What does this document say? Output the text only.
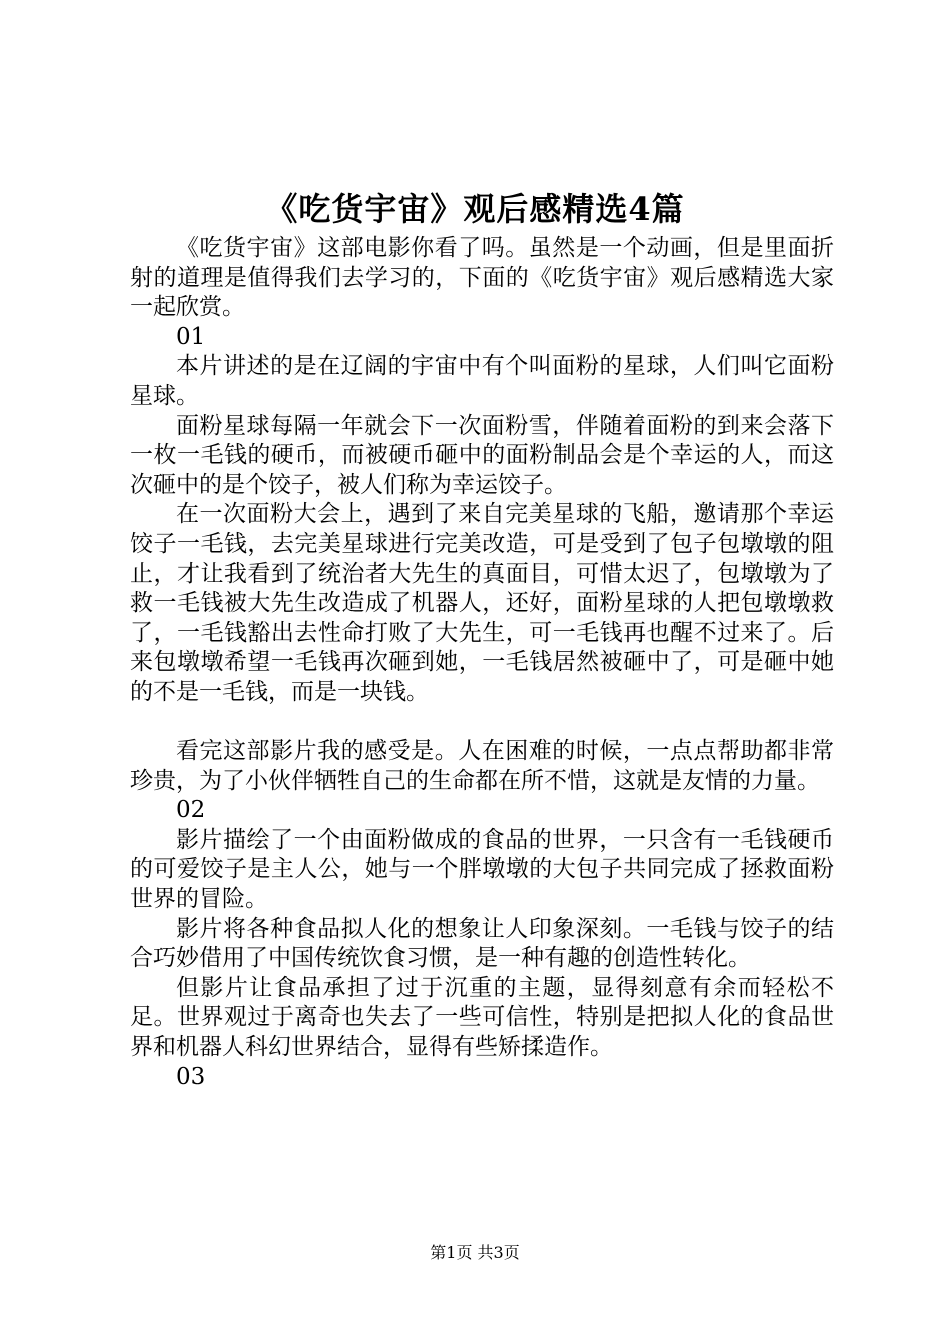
《吃货宇宙》观后感精选4篇

《吃货宇宙》这部电影你看了吗。虽然是一个动画，但是里面折射的道理是值得我们去学习的，下面的《吃货宇宙》观后感精选大家一起欣赏。

01

本片讲述的是在辽阔的宇宙中有个叫面粉的星球，人们叫它面粉星球。

面粉星球每隔一年就会下一次面粉雪，伴随着面粉的到来会落下一枚一毛钱的硬币，而被硬币砸中的面粉制品会是个幸运的人，而这次砸中的是个饺子，被人们称为幸运饺子。

在一次面粉大会上，遇到了来自完美星球的飞船，邀请那个幸运饺子一毛钱，去完美星球进行完美改造，可是受到了包子包墩墩的阻止，才让我看到了统治者大先生的真面目，可惜太迟了，包墩墩为了救一毛钱被大先生改造成了机器人，还好，面粉星球的人把包墩墩救了，一毛钱豁出去性命打败了大先生，可一毛钱再也醒不过来了。后来包墩墩希望一毛钱再次砸到她，一毛钱居然被砸中了，可是砸中她的不是一毛钱，而是一块钱。

看完这部影片我的感受是。人在困难的时候，一点点帮助都非常珍贵，为了小伙伴牺牲自己的生命都在所不惜，这就是友情的力量。

02

影片描绘了一个由面粉做成的食品的世界，一只含有一毛钱硬币的可爱饺子是主人公，她与一个胖墩墩的大包子共同完成了拯救面粉世界的冒险。

影片将各种食品拟人化的想象让人印象深刻。一毛钱与饺子的结合巧妙借用了中国传统饮食习惯，是一种有趣的创造性转化。

但影片让食品承担了过于沉重的主题，显得刻意有余而轻松不足。世界观过于离奇也失去了一些可信性，特别是把拟人化的食品世界和机器人科幻世界结合，显得有些矫揉造作。

03

第1页 共3页
